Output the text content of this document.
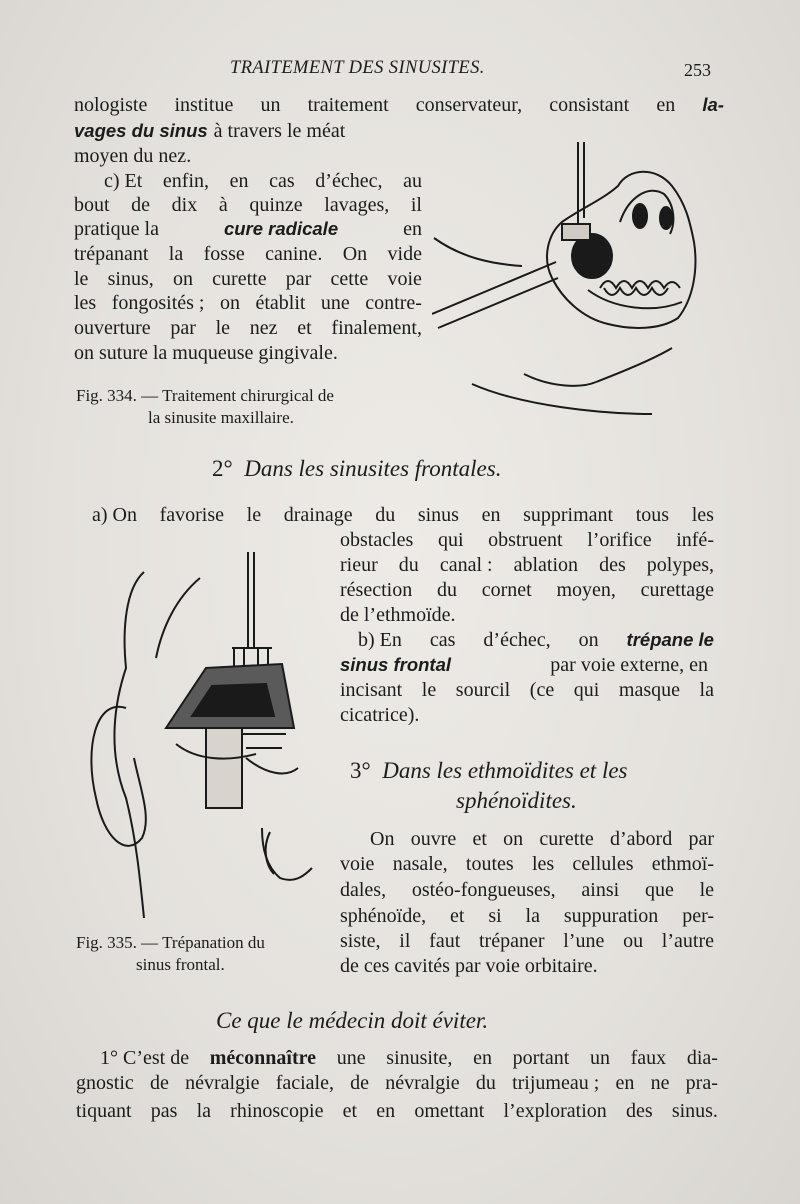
TRAITEMENT DES SINUSITES.	253
nologiste institue un traitement conservateur, consistant en la-
vages du sinus à travers le méat
moyen du nez.
c) Et enfin, en cas d’échec, au
bout de dix à quinze lavages, il
pratique la	cure radicale	en
trépanant la fosse canine. On vide
le sinus, on curette par cette voie
les fongosités ; on établit une contre-
ouverture par le nez et finalement,
on suture la muqueuse gingivale.
Fig. 334. — Traitement chirurgical de
la sinusite maxillaire.
2° Dans les sinusites frontales.
a) On favorise le drainage du sinus en supprimant tous les
obstacles qui obstruent l’orifice infé-
rieur du canal : ablation des polypes,
résection du cornet moyen, curettage
de l’ethmoïde.
b) En cas d’échec, on trépane le
sinus frontal	par voie externe, en
incisant le sourcil (ce qui masque la
cicatrice).
Fig. 335. — Trépanation du
sinus frontal.
3° Dans les ethmoïdites et les
sphénoïdites.
On ouvre et on curette d’abord par
voie nasale, toutes les cellules ethmoï-
dales, ostéo-fongueuses, ainsi que le
sphénoïde, et si la suppuration per-
siste, il faut trépaner l’une ou l’autre
de ces cavités par voie orbitaire.
Ce que le médecin doit éviter.
1° C’est de méconnaître une sinusite, en portant un faux dia-
gnostic de névralgie faciale, de névralgie du trijumeau ; en ne pra-
tiquant pas la rhinoscopie et en omettant l’exploration des sinus.
